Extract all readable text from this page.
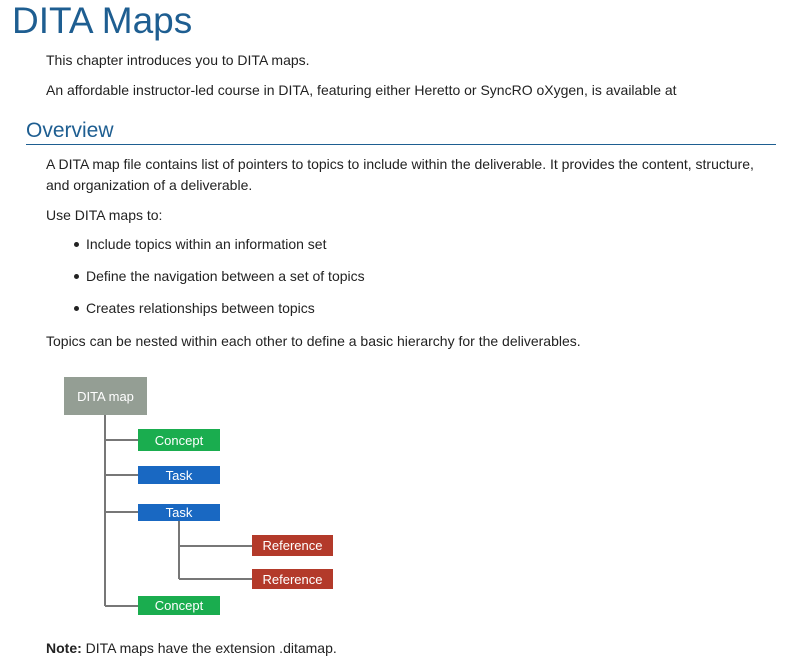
DITA Maps

This chapter introduces you to DITA maps.

An affordable instructor-led course in DITA, featuring either Heretto or SyncRO oXygen, is available at

Overview

A DITA map file contains list of pointers to topics to include within the deliverable. It provides the content, structure, and organization of a deliverable.

Use DITA maps to:

Include topics within an information set
Define the navigation between a set of topics
Creates relationships between topics

Topics can be nested within each other to define a basic hierarchy for the deliverables.

DITA map
Concept
Task
Task
Reference
Reference
Concept

Note: DITA maps have the extension .ditamap.
